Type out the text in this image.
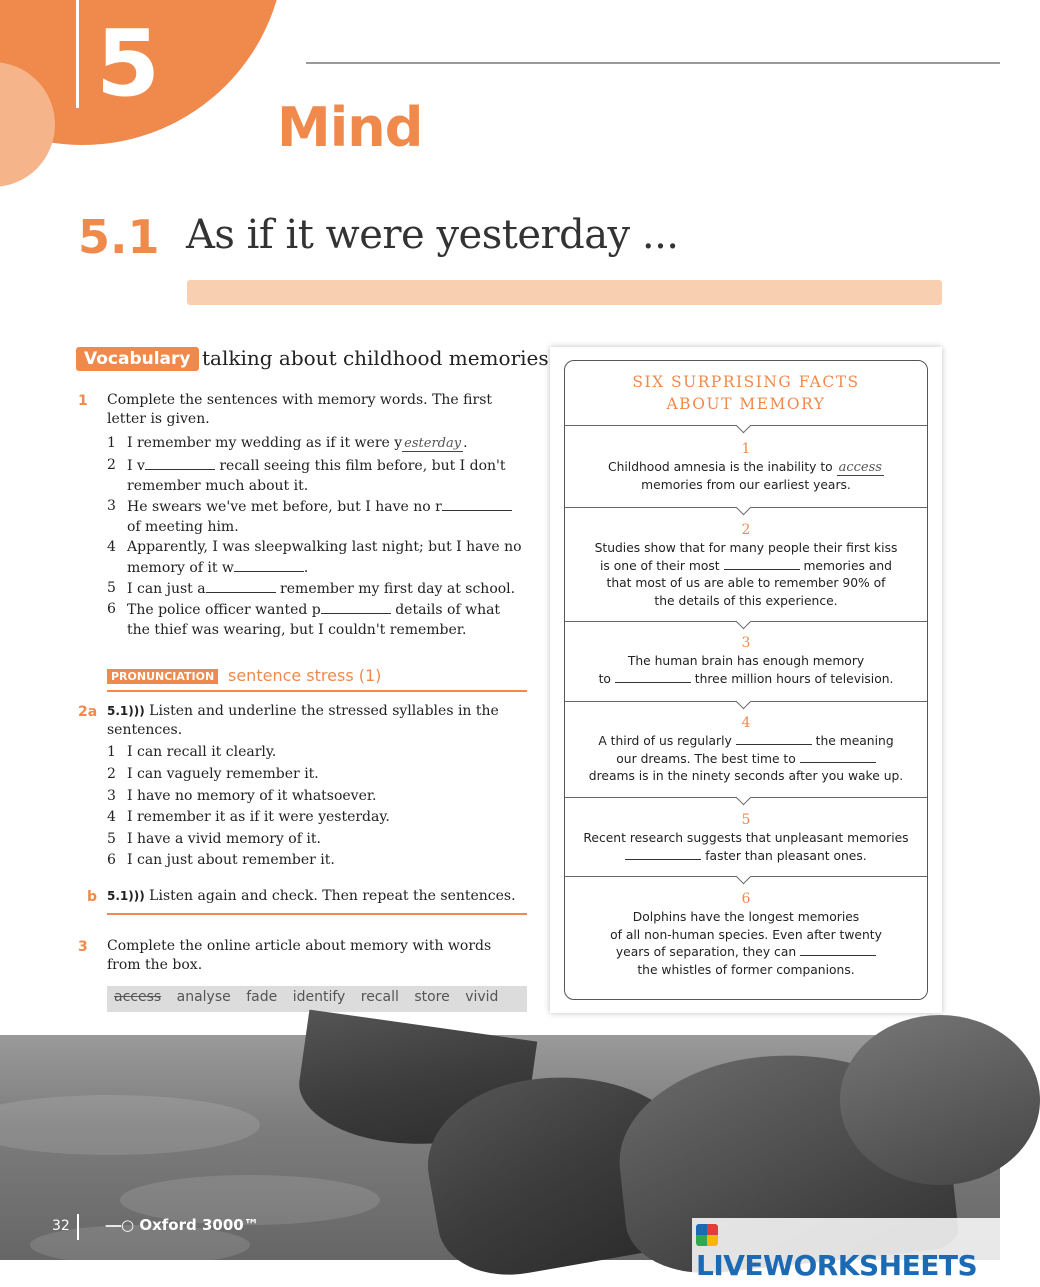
5
Mind
5.1 As if it were yesterday ...
Vocabulary talking about childhood memories
1 Complete the sentences with memory words. The first letter is given.
1 I remember my wedding as if it were y esterday .
2 I v	recall seeing this film before, but I don't remember much about it.
3 He swears we've met before, but I have no r of meeting him.
4 Apparently, I was sleepwalking last night; but I have no memory of it w	.
5 I can just a	remember my first day at school.
6 The police officer wanted p	details of what the thief was wearing, but I couldn't remember.
PRONUNCIATION sentence stress (1)
2a 5.1))) Listen and underline the stressed syllables in the sentences.
1 I can recall it clearly.
2 I can vaguely remember it.
3 I have no memory of it whatsoever.
4 I remember it as if it were yesterday.
5 I have a vivid memory of it.
6 I can just about remember it.
b 5.1))) Listen again and check. Then repeat the sentences.
3 Complete the online article about memory with words from the box.
access analyse fade identify recall store vivid
SIX SURPRISING FACTS
ABOUT MEMORY
1
Childhood amnesia is the inability to access
memories from our earliest years.
2
Studies show that for many people their first kiss
is one of their most	memories and
that most of us are able to remember 90% of
the details of this experience.
3
The human brain has enough memory
to	three million hours of television.
4
A third of us regularly	the meaning
our dreams. The best time to
dreams is in the ninety seconds after you wake up.
5
Recent research suggests that unpleasant memories
faster than pleasant ones.
6
Dolphins have the longest memories
of all non-human species. Even after twenty
years of separation, they can
the whistles of former companions.
32 ⎯⎯○ Oxford 3000™
LIVEWORKSHEETS
